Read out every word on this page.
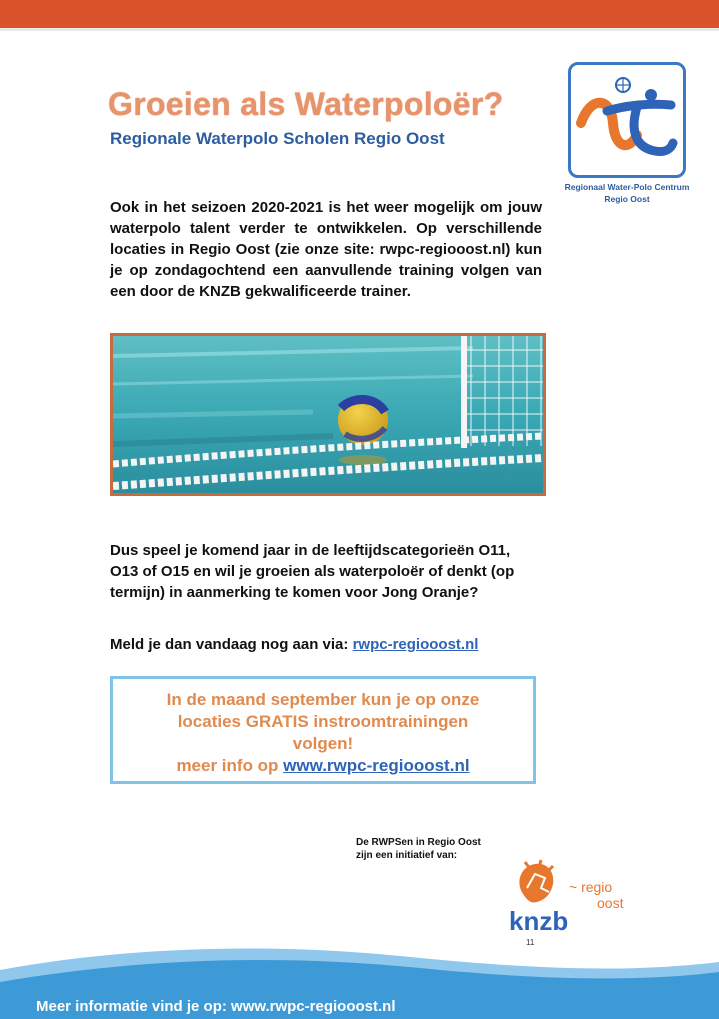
Groeien als Waterpoloër?
Regionale Waterpolo Scholen Regio Oost
Regionaal Water-Polo Centrum
Regio Oost
Ook in het seizoen 2020-2021 is het weer mogelijk om jouw waterpolo talent verder te ontwikkelen. Op verschillende locaties in Regio Oost (zie onze site: rwpc-regiooost.nl) kun je op zondagochtend een aanvullende training volgen van een door de KNZB gekwalificeerde trainer.
Dus speel je komend jaar in de leeftijdscategorieën O11, O13 of O15 en wil je groeien als waterpoloër of denkt (op termijn) in aanmerking te komen voor Jong Oranje?
Meld je dan vandaag nog aan via: rwpc-regiooost.nl
In de maand september kun je op onze
locaties GRATIS instroomtrainingen
volgen!
meer info op www.rwpc-regiooost.nl
De RWPSen in Regio Oost
zijn een initiatief van:
knzb
~ regio
oost
11
Meer informatie vind je op: www.rwpc-regiooost.nl
